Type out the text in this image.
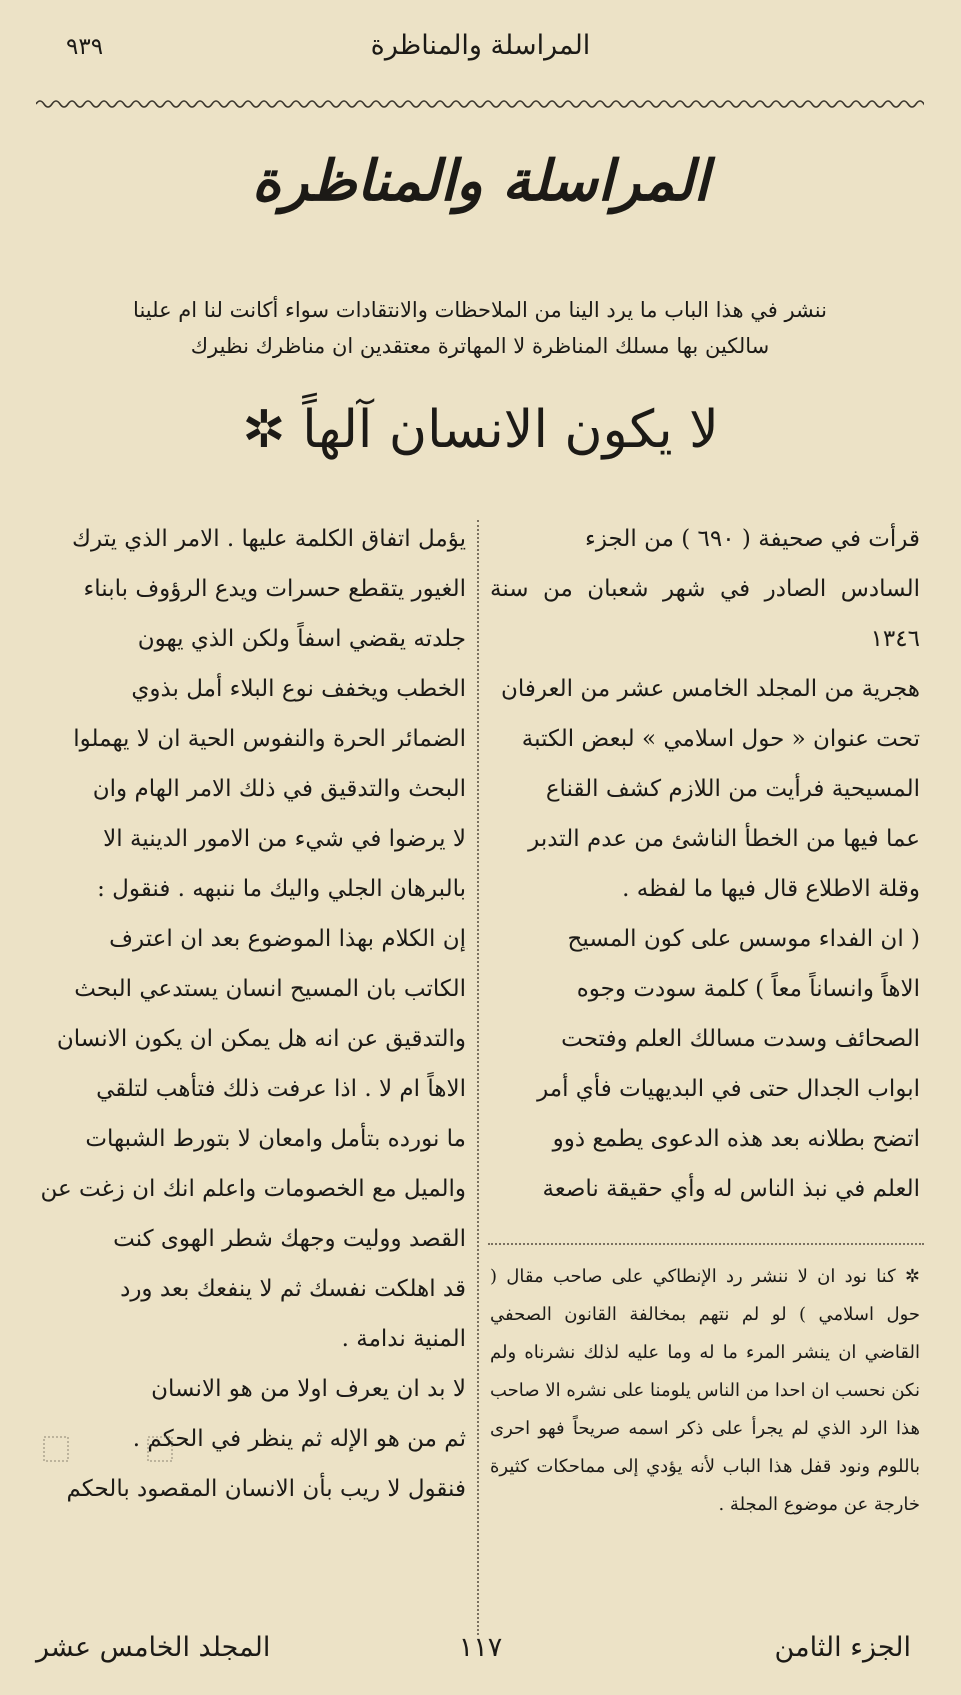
المراسلة والمناظرة
٩٣٩
المراسلة والمناظرة
ننشر في هذا الباب ما يرد الينا من الملاحظات والانتقادات سواء أكانت لنا ام علينا
سالكين بها مسلك المناظرة لا المهاترة معتقدين ان مناظرك نظيرك
لا يكون الانسان آلهاً ✲

قرأت في صحيفة ( ٦٩٠ ) من الجزء

السادس الصادر في شهر شعبان من سنة ١٣٤٦

هجرية من المجلد الخامس عشر من العرفان

تحت عنوان « حول اسلامي » لبعض الكتبة

المسيحية فرأيت من اللازم كشف القناع

عما فيها من الخطأ الناشئ من عدم التدبر

وقلة الاطلاع قال فيها ما لفظه .

( ان الفداء موسس على كون المسيح

الاهاً وانساناً معاً ) كلمة سودت وجوه

الصحائف وسدت مسالك العلم وفتحت

ابواب الجدال حتى في البديهيات فأي أمر

اتضح بطلانه بعد هذه الدعوى يطمع ذوو

العلم في نبذ الناس له وأي حقيقة ناصعة

✲ كنا نود ان لا ننشر رد الإنطاكي على صاحب مقال ( حول اسلامي ) لو لم نتهم بمخالفة القانون الصحفي القاضي ان ينشر المرء ما له وما عليه لذلك نشرناه ولم نكن نحسب ان احدا من الناس يلومنا على نشره الا صاحب هذا الرد الذي لم يجرأ على ذكر اسمه صريحاً فهو احرى باللوم ونود قفل هذا الباب لأنه يؤدي إلى مماحكات كثيرة خارجة عن موضوع المجلة .

يؤمل اتفاق الكلمة عليها . الامر الذي يترك

الغيور يتقطع حسرات ويدع الرؤوف بابناء

جلدته يقضي اسفاً ولكن الذي يهون

الخطب ويخفف نوع البلاء أمل بذوي

الضمائر الحرة والنفوس الحية ان لا يهملوا

البحث والتدقيق في ذلك الامر الهام وان

لا يرضوا في شيء من الامور الدينية الا

بالبرهان الجلي واليك ما ننبهه . فنقول :

إن الكلام بهذا الموضوع بعد ان اعترف

الكاتب بان المسيح انسان يستدعي البحث

والتدقيق عن انه هل يمكن ان يكون الانسان

الاهاً ام لا . اذا عرفت ذلك فتأهب لتلقي

ما نورده بتأمل وامعان لا بتورط الشبهات

والميل مع الخصومات واعلم انك ان زغت عن

القصد ووليت وجهك شطر الهوى كنت

قد اهلكت نفسك ثم لا ينفعك بعد ورد

المنية ندامة .

لا بد ان يعرف اولا من هو الانسان

ثم من هو الإله ثم ينظر في الحكم .

فنقول لا ريب بأن الانسان المقصود بالحكم

المجلد الخامس عشر	١١٧	الجزء الثامن
